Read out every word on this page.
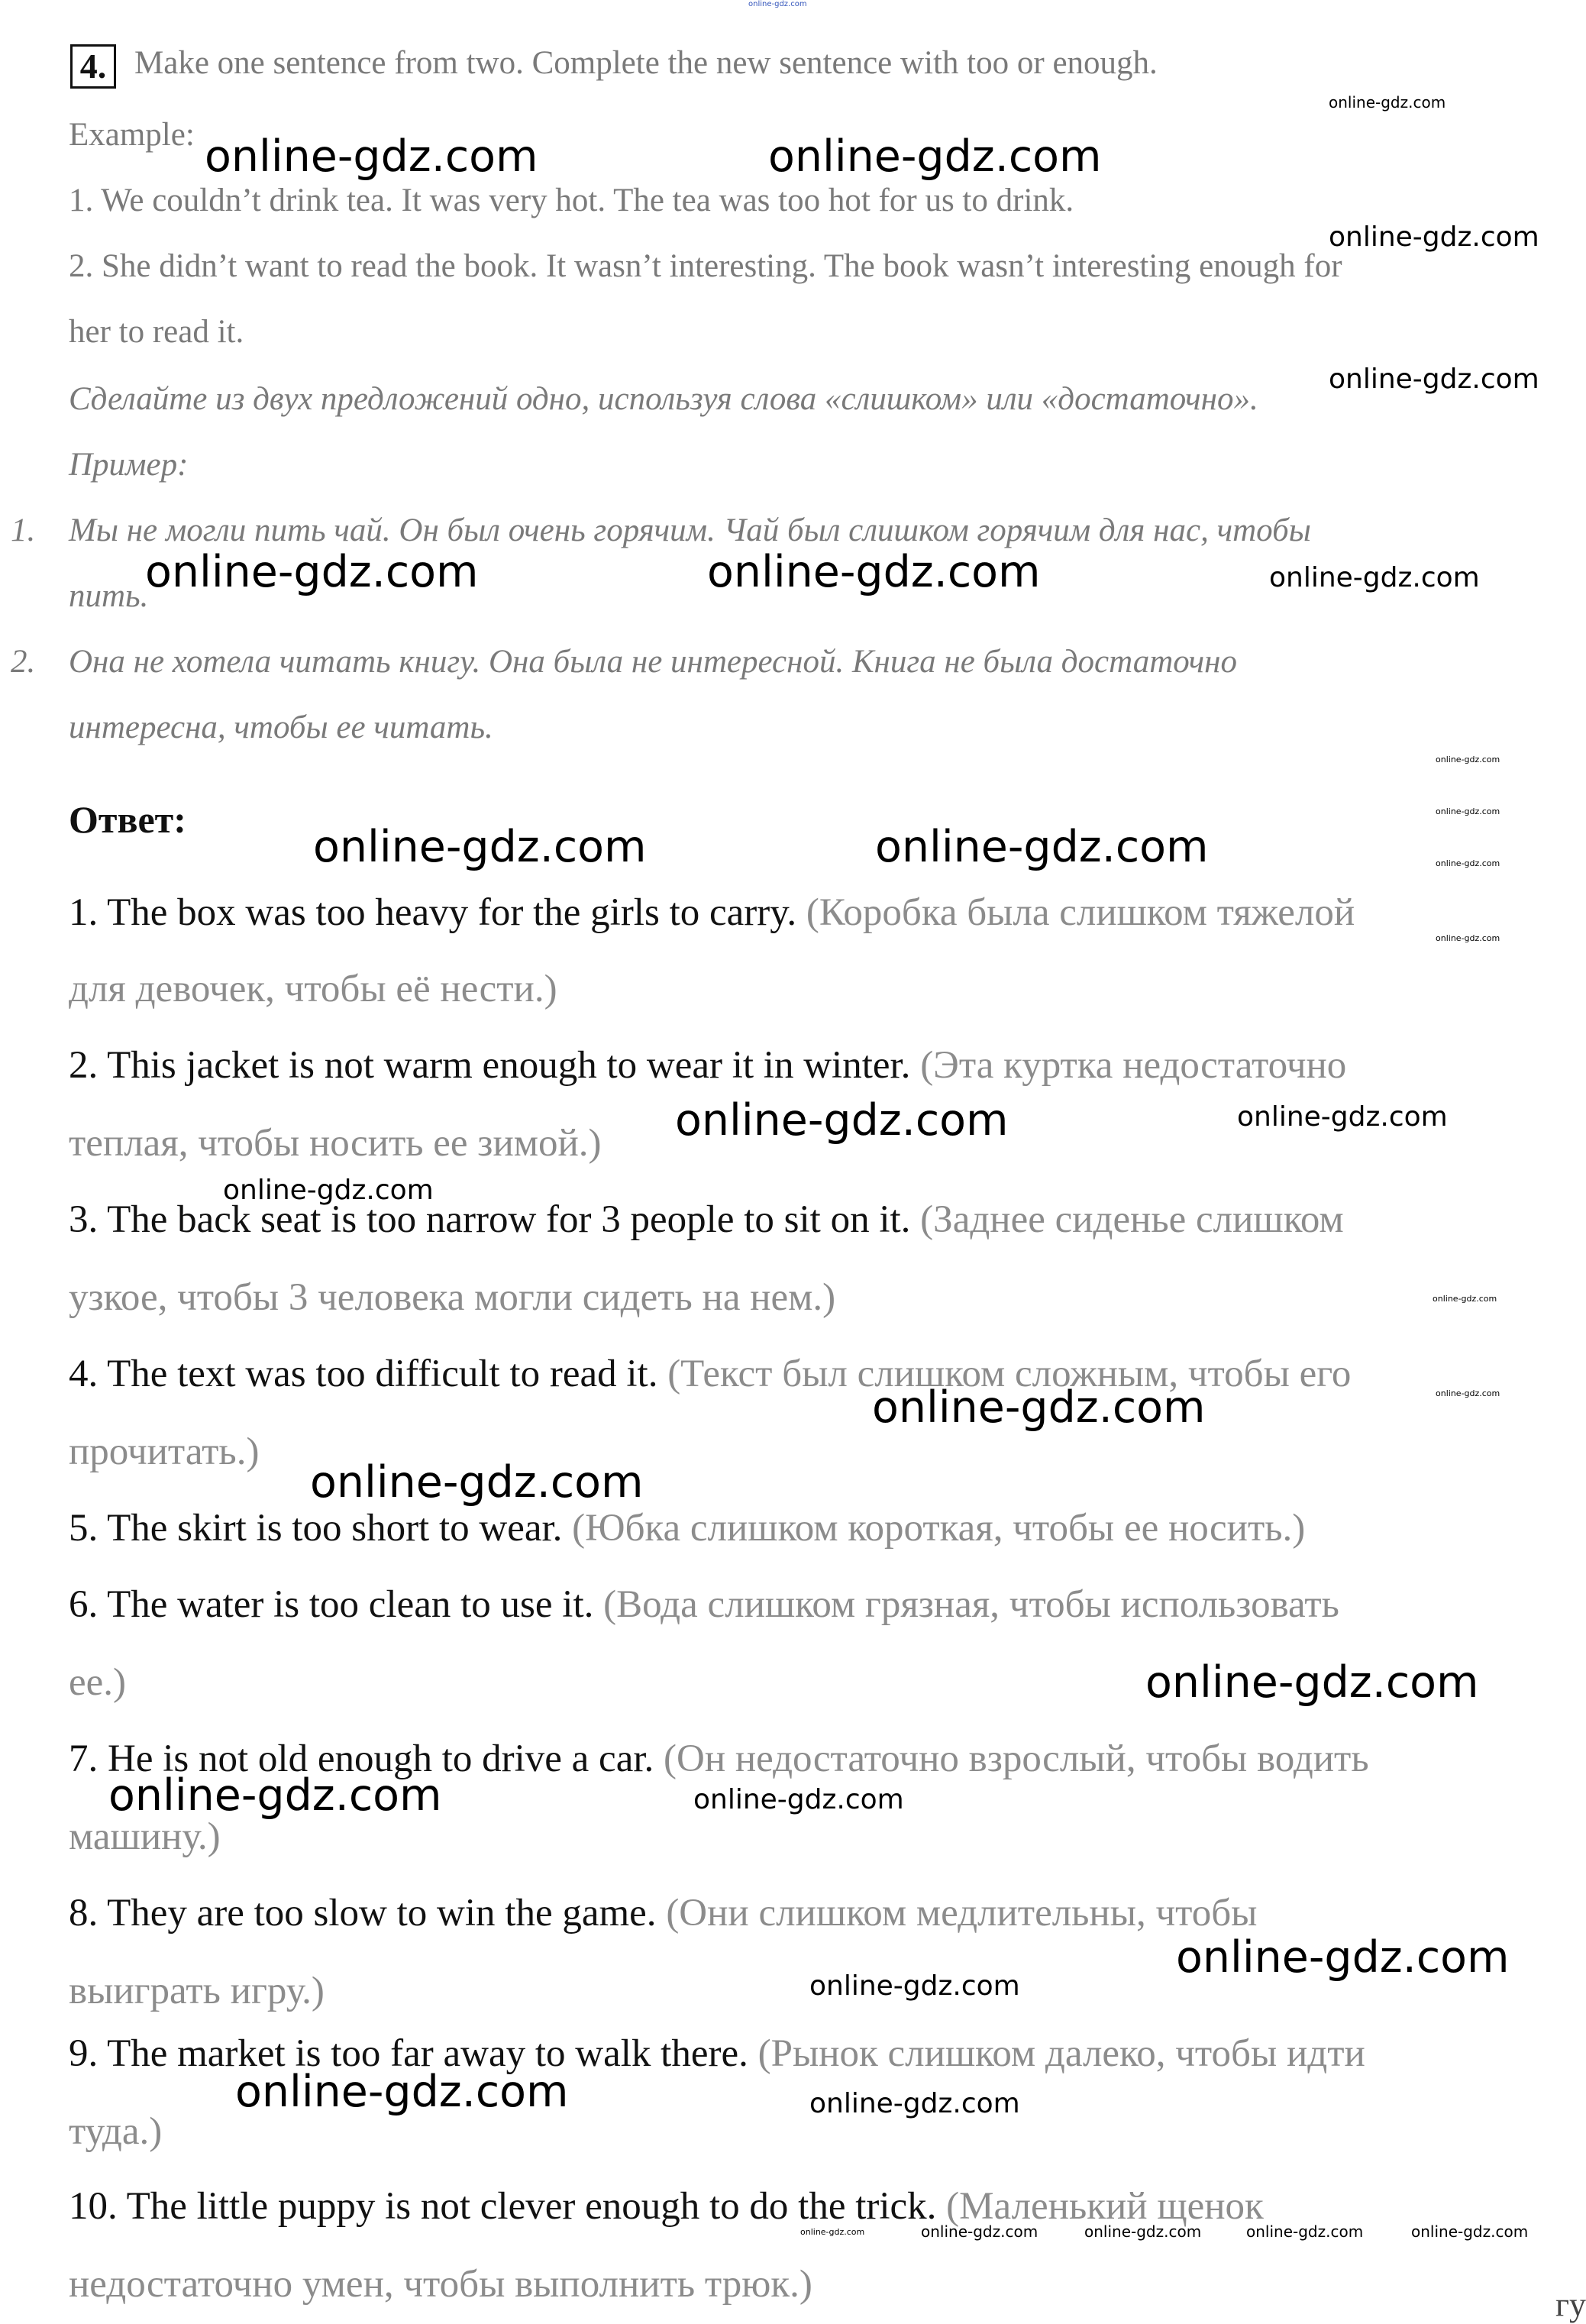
4. Make one sentence from two. Complete the new sentence with too or enough.
Example:
1. We couldn’t drink tea. It was very hot. The tea was too hot for us to drink.
2. She didn’t want to read the book. It wasn’t interesting. The book wasn’t interesting enough for
her to read it.
Сделайте из двух предложений одно, используя слова «слишком» или «достаточно».
Пример:
1. Мы не могли пить чай. Он был очень горячим. Чай был слишком горячим для нас, чтобы
пить.
2. Она не хотела читать книгу. Она была не интересной. Книга не была достаточно
интересна, чтобы ее читать.
Ответ:
1. The box was too heavy for the girls to carry. (Коробка была слишком тяжелой
для девочек, чтобы её нести.)
2. This jacket is not warm enough to wear it in winter. (Эта куртка недостаточно
теплая, чтобы носить ее зимой.)
3. The back seat is too narrow for 3 people to sit on it. (Заднее сиденье слишком
узкое, чтобы 3 человека могли сидеть на нем.)
4. The text was too difficult to read it. (Текст был слишком сложным, чтобы его
прочитать.)
5. The skirt is too short to wear. (Юбка слишком короткая, чтобы ее носить.)
6. The water is too clean to use it. (Вода слишком грязная, чтобы использовать
ее.)
7. He is not old enough to drive a car. (Он недостаточно взрослый, чтобы водить
машину.)
8. They are too slow to win the game. (Они слишком медлительны, чтобы
выиграть игру.)
9. The market is too far away to walk there. (Рынок слишком далеко, чтобы идти
туда.)
10. The little puppy is not clever enough to do the trick. (Маленький щенок
недостаточно умен, чтобы выполнить трюк.)	гу
online-gdz.com
online-gdz.com
online-gdz.com	online-gdz.com
online-gdz.com
online-gdz.com
online-gdz.com	online-gdz.com	online-gdz.com
online-gdz.com
online-gdz.com
online-gdz.com
online-gdz.com
online-gdz.com	online-gdz.com
online-gdz.com	online-gdz.com
online-gdz.com
online-gdz.com
online-gdz.com
online-gdz.com
online-gdz.com
online-gdz.com
online-gdz.com	online-gdz.com
online-gdz.com
online-gdz.com
online-gdz.com	online-gdz.com
online-gdz.com	online-gdz.com	online-gdz.com	online-gdz.com	online-gdz.com
